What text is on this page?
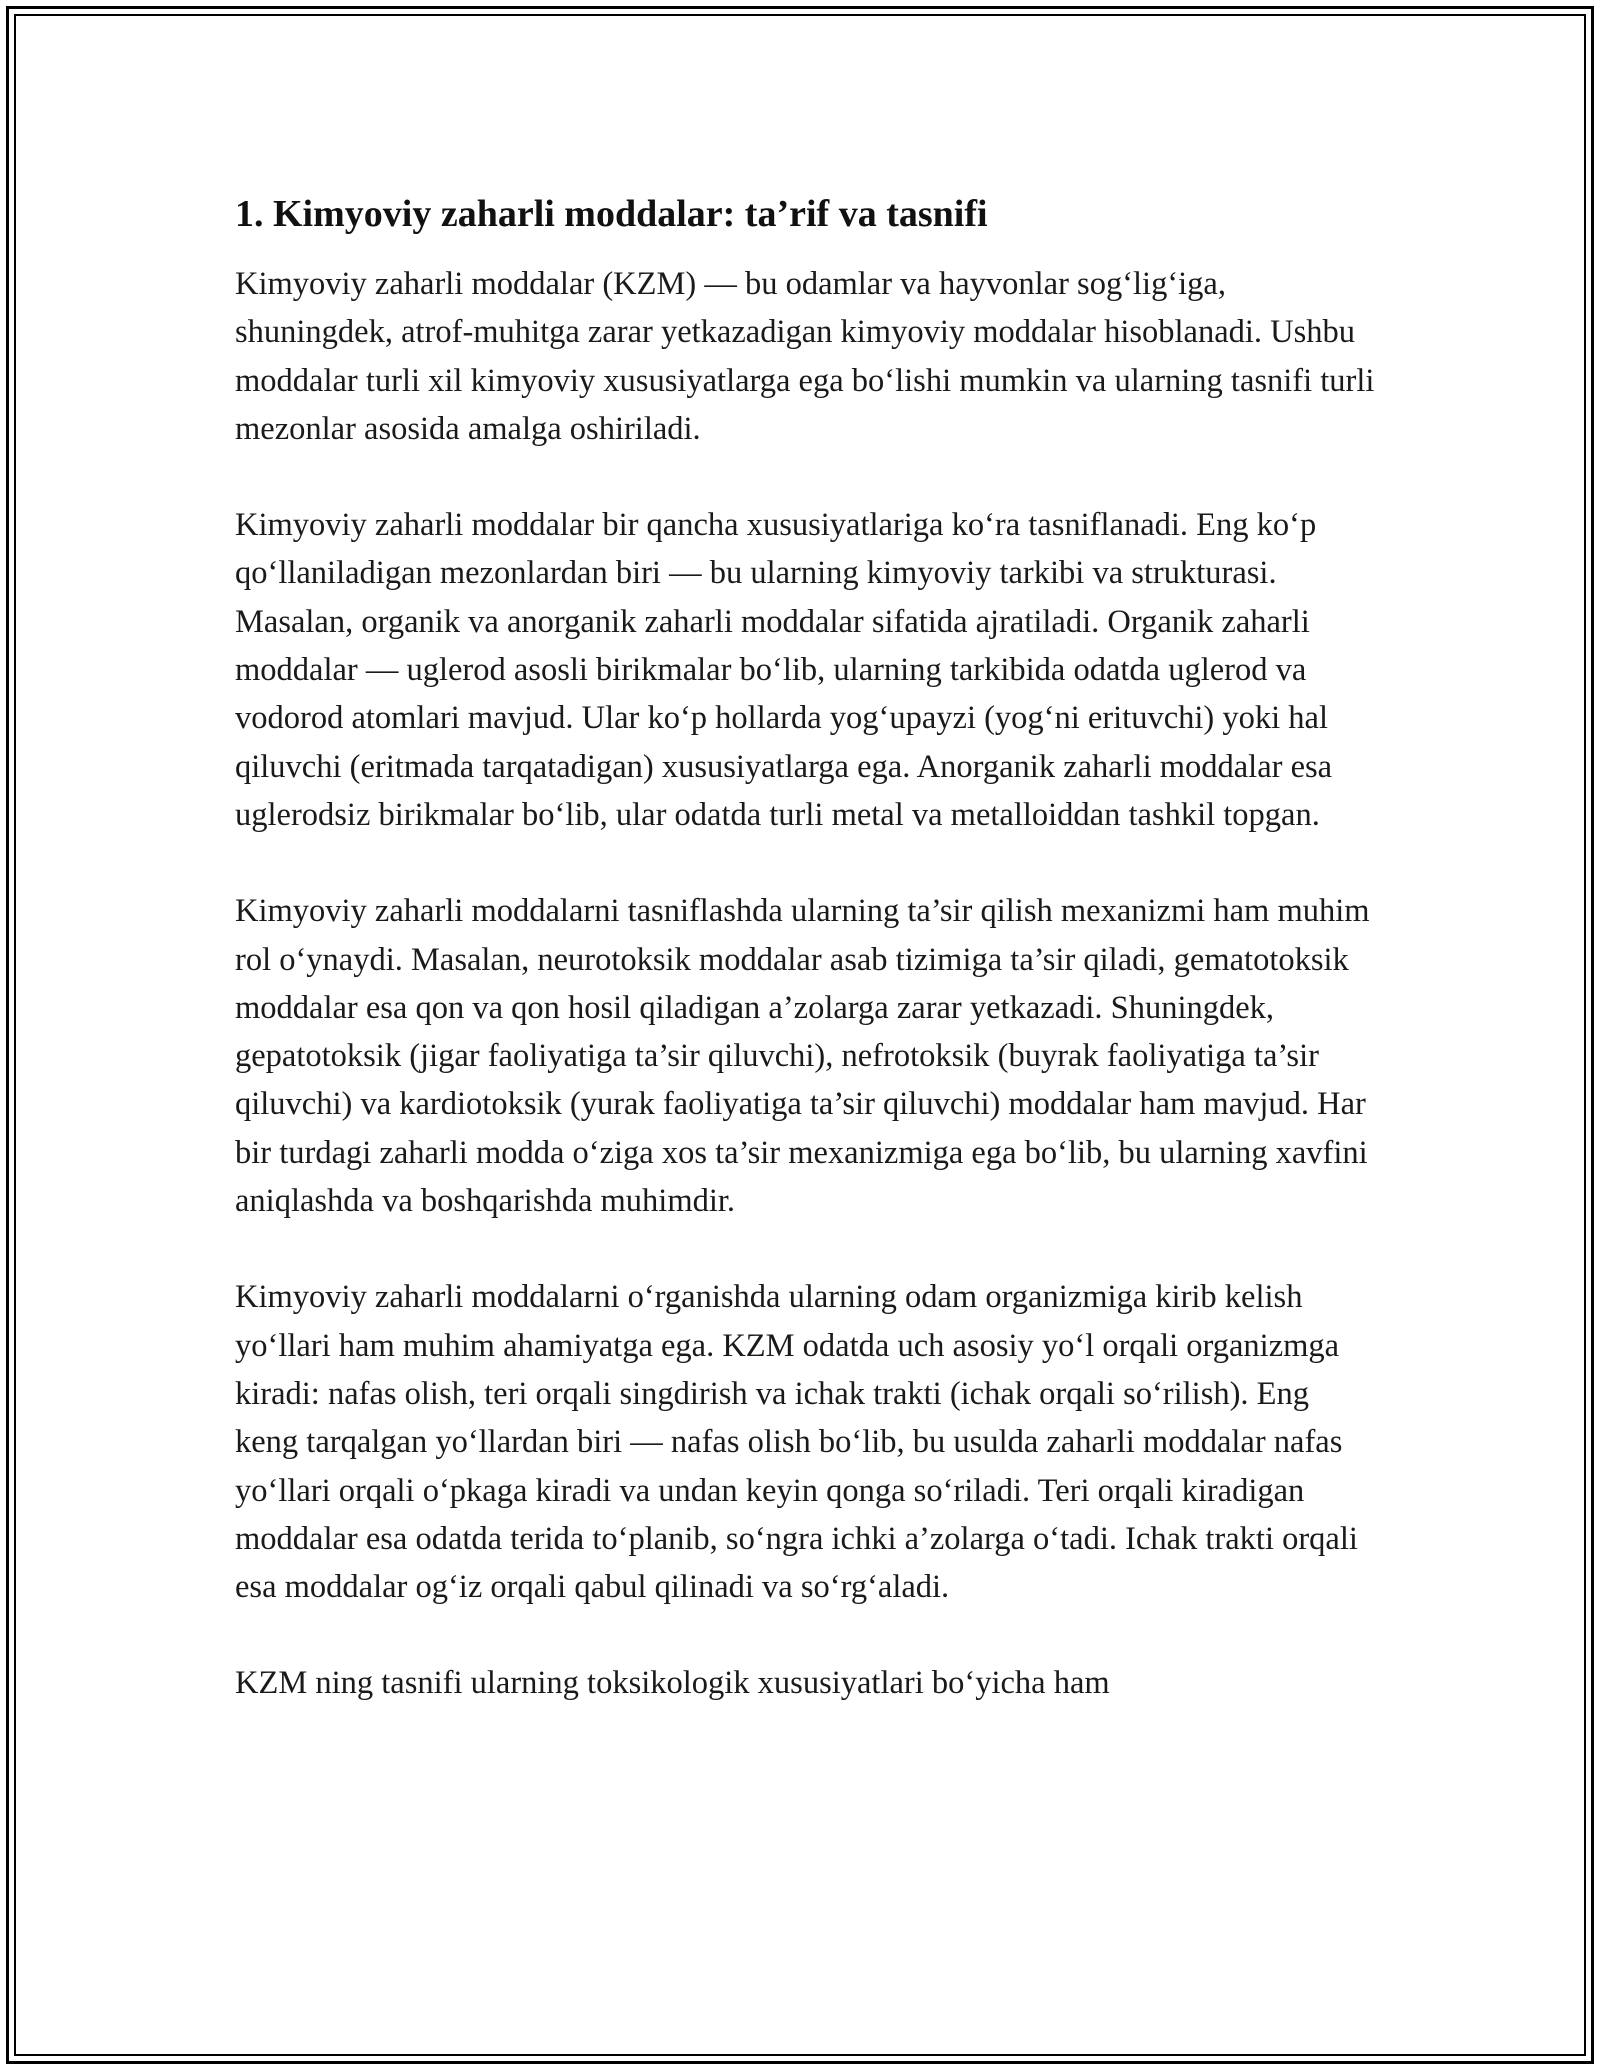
1. Kimyoviy zaharli moddalar: ta’rif va tasnifi

Kimyoviy zaharli moddalar (KZM) — bu odamlar va hayvonlar sog‘lig‘iga, shuningdek, atrof-muhitga zarar yetkazadigan kimyoviy moddalar hisoblanadi. Ushbu moddalar turli xil kimyoviy xususiyatlarga ega bo‘lishi mumkin va ularning tasnifi turli mezonlar asosida amalga oshiriladi.

Kimyoviy zaharli moddalar bir qancha xususiyatlariga ko‘ra tasniflanadi. Eng ko‘p qo‘llaniladigan mezonlardan biri — bu ularning kimyoviy tarkibi va strukturasi. Masalan, organik va anorganik zaharli moddalar sifatida ajratiladi. Organik zaharli moddalar — uglerod asosli birikmalar bo‘lib, ularning tarkibida odatda uglerod va vodorod atomlari mavjud. Ular ko‘p hollarda yog‘upayzi (yog‘ni erituvchi) yoki hal qiluvchi (eritmada tarqatadigan) xususiyatlarga ega. Anorganik zaharli moddalar esa uglerodsiz birikmalar bo‘lib, ular odatda turli metal va metalloiddan tashkil topgan.

Kimyoviy zaharli moddalarni tasniflashda ularning ta’sir qilish mexanizmi ham muhim rol o‘ynaydi. Masalan, neurotoksik moddalar asab tizimiga ta’sir qiladi, gematotoksik moddalar esa qon va qon hosil qiladigan a’zolarga zarar yetkazadi. Shuningdek, gepatotoksik (jigar faoliyatiga ta’sir qiluvchi), nefrotoksik (buyrak faoliyatiga ta’sir qiluvchi) va kardiotoksik (yurak faoliyatiga ta’sir qiluvchi) moddalar ham mavjud. Har bir turdagi zaharli modda o‘ziga xos ta’sir mexanizmiga ega bo‘lib, bu ularning xavfini aniqlashda va boshqarishda muhimdir.

Kimyoviy zaharli moddalarni o‘rganishda ularning odam organizmiga kirib kelish yo‘llari ham muhim ahamiyatga ega. KZM odatda uch asosiy yo‘l orqali organizmga kiradi: nafas olish, teri orqali singdirish va ichak trakti (ichak orqali so‘rilish). Eng keng tarqalgan yo‘llardan biri — nafas olish bo‘lib, bu usulda zaharli moddalar nafas yo‘llari orqali o‘pkaga kiradi va undan keyin qonga so‘riladi. Teri orqali kiradigan moddalar esa odatda terida to‘planib, so‘ngra ichki a’zolarga o‘tadi. Ichak trakti orqali esa moddalar og‘iz orqali qabul qilinadi va so‘rg‘aladi.

KZM ning tasnifi ularning toksikologik xususiyatlari bo‘yicha ham
